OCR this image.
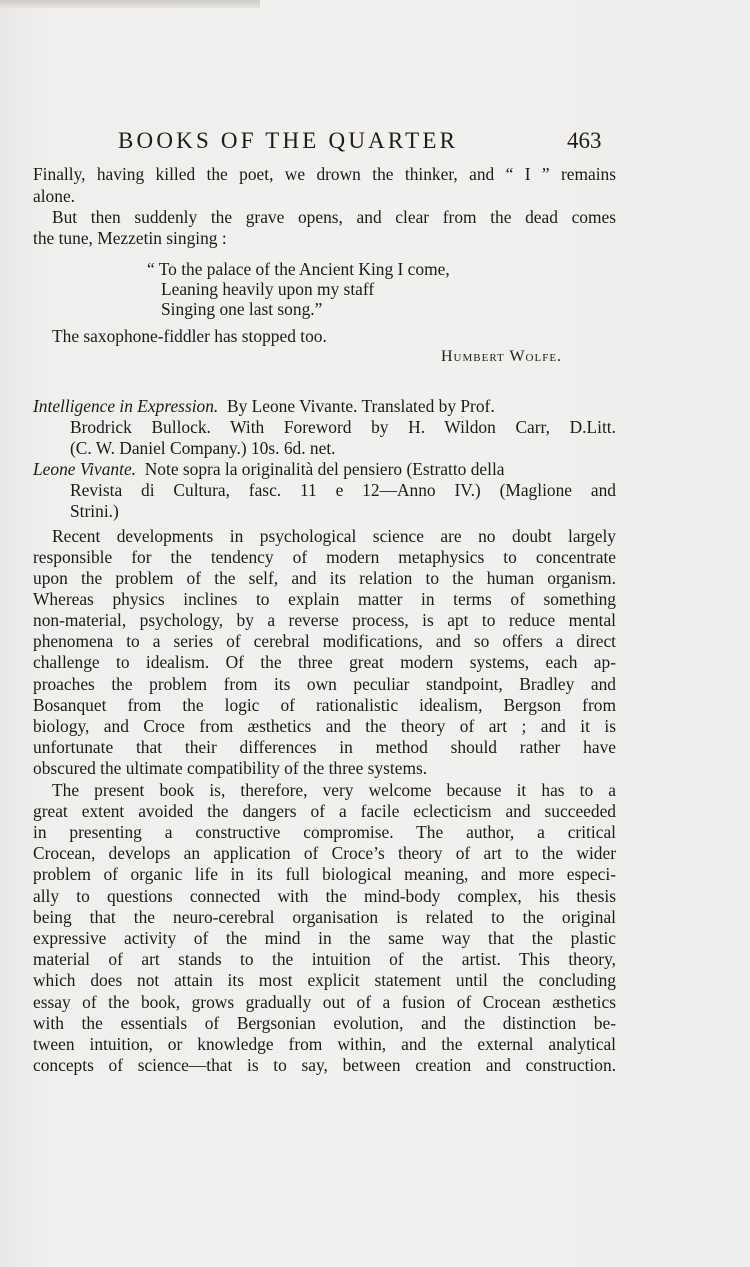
BOOKS OF THE QUARTER	463
Finally, having killed the poet, we drown the thinker, and “ I ” remains
alone.
But then suddenly the grave opens, and clear from the dead comes
the tune, Mezzetin singing :
“ To the palace of the Ancient King I come,
Leaning heavily upon my staff
Singing one last song.”
The saxophone-fiddler has stopped too.
Humbert Wolfe.
Intelligence in Expression. By Leone Vivante. Translated by Prof.
Brodrick Bullock. With Foreword by H. Wildon Carr, D.Litt.
(C. W. Daniel Company.) 10s. 6d. net.
Leone Vivante. Note sopra la originalità del pensiero (Estratto della
Revista di Cultura, fasc. 11 e 12—Anno IV.) (Maglione and
Strini.)
Recent developments in psychological science are no doubt largely
responsible for the tendency of modern metaphysics to concentrate
upon the problem of the self, and its relation to the human organism.
Whereas physics inclines to explain matter in terms of something
non-material, psychology, by a reverse process, is apt to reduce mental
phenomena to a series of cerebral modifications, and so offers a direct
challenge to idealism. Of the three great modern systems, each ap-
proaches the problem from its own peculiar standpoint, Bradley and
Bosanquet from the logic of rationalistic idealism, Bergson from
biology, and Croce from æsthetics and the theory of art ; and it is
unfortunate that their differences in method should rather have
obscured the ultimate compatibility of the three systems.
The present book is, therefore, very welcome because it has to a
great extent avoided the dangers of a facile eclecticism and succeeded
in presenting a constructive compromise. The author, a critical
Crocean, develops an application of Croce’s theory of art to the wider
problem of organic life in its full biological meaning, and more especi-
ally to questions connected with the mind-body complex, his thesis
being that the neuro-cerebral organisation is related to the original
expressive activity of the mind in the same way that the plastic
material of art stands to the intuition of the artist. This theory,
which does not attain its most explicit statement until the concluding
essay of the book, grows gradually out of a fusion of Crocean æsthetics
with the essentials of Bergsonian evolution, and the distinction be-
tween intuition, or knowledge from within, and the external analytical
concepts of science—that is to say, between creation and construction.
